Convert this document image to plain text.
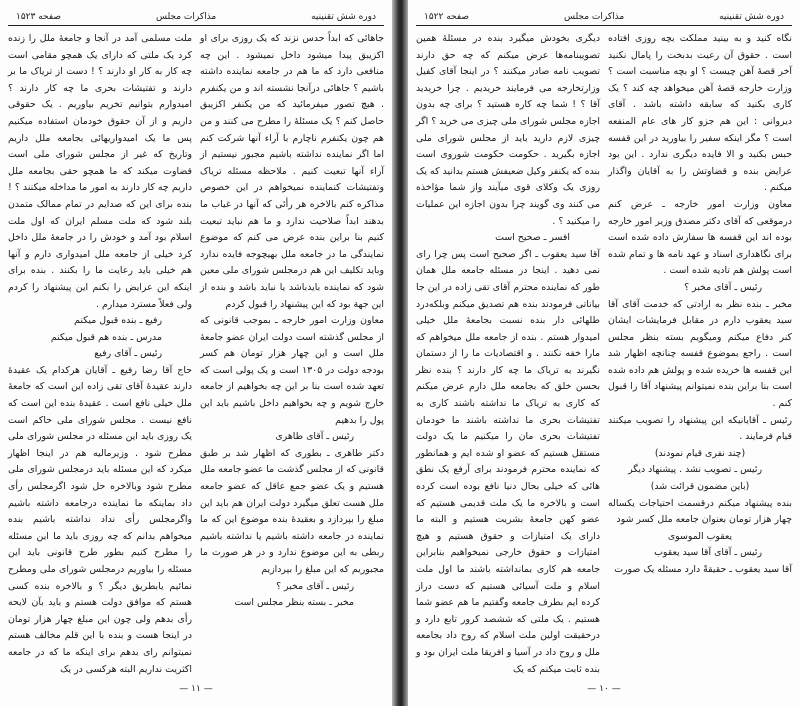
دوره‌ شش تقنینیه
مذاکرات مجلس
صفحه ۱۵۲۳

جاهائی که ابداً حدس نزند که یک روزی برای او اکزیبق پیدا میشود داخل نمیشود . این چه منافعی دارد که ما هم در جامعه نماینده داشته باشیم ؟ جاهائی درآنجا نشسته اند و من یکنفرم . هیچ تصور میفرمائید که من یکنفر اکزیبق حاصل کنم ؟ یک مسئلهٔ را مطرح می کنند و من هم چون یکنفرم ناچارم با آراء آنها شرکت کنم اما اگر نماینده نداشته باشیم مجبور نیستیم از آراء آنها تبعیت کنیم . ملاحظه مسئله تریاک وتفتیشات کنماینده نمیخواهم در این خصوص مذاکره کنم بالاخره هر رأئی که آنها در غیاب ما بدهند ابداً صلاحیت ندارد و ما هم نباید تبعیت کنیم بنا براین بنده عرض می کنم که موضوع نمایندگی ما در جامعه ملل بهیچوجه فایده ندارد وباید تکلیف این هم درمجلس شورای ملی معین شود که نماینده بایدباشد یا نباید باشد و بنده از این جهة بود که این پیشنهاد را قبول کردم

معاون وزارت امور خارجه ـ بموجب قانونی که از مجلس گذشته است دولت ایران عضو جامعهٔ ملل است و این چهار هزار تومان هم کسر بودجه دولت در ۱۳۰۵ است و یک پولی است که تعهد شده است بنا بر این چه بخواهیم از جامعه خارج شویم و چه بخواهیم داخل باشیم باید این پول را بدهیم

رئیس ـ آقای طاهری

دکتر طاهری ـ بطوری که اظهار شد بر طبق قانونی که از مجلس گذشت ما عضو جامعه ملل هستیم و یک عضو جمع عاقل که عضو جامعه ملل هست تعلق میگیرد دولت ایران هم باید این مبلغ را بپردازد و بعقیدهٔ بنده موضوع این که ما نماینده در جامعه داشته باشیم یا نداشته باشیم ربطی به این موضوع ندارد و در هر صورت ما مجبوریم که این مبلغ را بپردازیم

رئیس ـ آقای مخبر ؟

مخبر ـ بسته بنظر مجلس است

ملت مسلمی آمد در آنجا و جامعهٔ ملل را زنده کرد یک ملتی که دارای یک همچو مقامی است چه کار به کار او دارند ؟ ! دست از تریاک ما بر دارند و تفتیشات بحری ما چه کار دارند ؟ امیدوارم بتوانیم تخریم بیاوریم . یک حقوقی داریم و از آن حقوق خودمان استفاده میکنیم پس ما یک امیدواریهائی بجامعه ملل داریم وتاریخ که غیر از مجلس شورای ملی است قضاوت میکند که ما همچو حقی بجامعه ملل داریم چه کار دارند به امور ما مداخله میکنند ؟ ! بنده برای این که صدایم در تمام ممالک متمدن بلند شود که ملت مسلم ایران که اول ملت اسلام بود آمد و خودش را در جامعهٔ ملل داخل کرد خیلی از جامعه ملل امیدواری دارم و آنها هم خیلی باید رعایت ما را بکنند . بنده برای اینکه این عرایض را بکنم این پیشنهاد را کردم ولی فعلاً مسترد میدارم .

رفیع ـ بنده قبول میکنم

مدرس ـ بنده هم قبول میکنم

رئیس ـ آقای رفیع

حاج آقا رضا رفیع ـ آقایان هرکدام یک عقیدهٔ دارند عقیدهٔ آقای تقی زاده این است که جامعهٔ ملل خیلی نافع است . عقیدهٔ بنده این است که نافع نیست . مجلس شورای ملی حاکم است یک روزی باید این مسئله در مجلس شورای ملی مطرح شود . وزیرمالیه هم در اینجا اظهار میکرد که این مسئله باید درمجلس شورای ملی مطرح شود وبالاخره حل شود اگرمجلس رأی داد بماینکه ما نماینده درجامعه داشته باشیم واگرمجلس رأی نداد نداشته باشیم بنده میخواهم بدانم که چه روزی باید ما این مسئله را مطرح کنیم بطور طرح قانونی باید این مسئله را بیاوریم درمجلس شورای ملی ومطرح نمائیم یابطریق دیگر ؟ و بالاخره بنده کسی هستم که موافق دولت هستم و باید بآن لایحه رأی بدهم ولی چون این مبلغ چهار هزار تومان در اینجا هست و بنده با این قلم مخالف هستم نمیتوانم رای بدهم برای اینکه ما که در جامعه اکثریت نداریم البته هرکسی در یک

— ۱۱ —
دوره‌ شش تقنینیه
مذاکرات مجلس
صفحه ۱۵۲۲

نگاه کنید و به بینید مملکت بچه روزی افتاده است . حقوق آن رعیت بدبخت را پامال نکنید آخر قصهٔ آهن چیست ؟ او بچه مناسبت است ؟ وزارت خارجه قصهٔ آهن میخواهد چه کند ؟ یک کاری بکنید که سابقه داشته باشد . آقای دیروانی : این هم جزو کار های عام المنفعه است ؟ مگر اینکه سفیر را بیاورید در این قفسه حبس بکنید و الا فایده دیگری ندارد . این بود عرایض بنده و قضاوتش را به آقایان واگذار میکنم .

معاون وزارت امور خارجه ـ عرض کنم درموقعی که آقای دکتر مصدق وزیر امور خارجه بوده اند این قفسه ها سفارش داده شده است برای نگاهداری اسناد و عهد نامه ها و تمام شده است پولش هم تادیه شده است .

رئیس ـ آقای مخبر ؟

مخبر ـ بنده نظر به ارادتی که خدمت آقای آقا سید یعقوب دارم در مقابل فرمایشات ایشان کنر دفاع میکنم ومیگویم بسته بنظر مجلس است . راجع بموضوع قفسه چنانچه اظهار شد این قفسه ها خریده شده و پولش هم داده شده است بنا براین بنده نمیتوانم پیشنهاد آقا را قبول کنم .

رئیس ـ آقایانیکه این پیشنهاد را تصویب میکنند قیام فرمایند .

(چند نفری قیام نمودند)

رئیس ـ تصویب نشد . پیشنهاد دیگر

(باین مضمون قرائت شد)

بنده پیشنهاد میکنم درقسمت احتیاجات یکساله چهار هزار تومان بعنوان جامعه ملل کسر شود

یعقوب الموسوی

رئیس ـ آقای آقا سید یعقوب

آقا سید یعقوب ـ حقیقةً دارد مسئله یک صورت

دیگری بخودش میگیرد بنده در مسئلهٔ همین تصویبنامه‌ها عرض میکنم که چه حق دارند تصویب نامه صادر میکنند ؟ در اینجا آقای کفیل وزارتخارجه می فرمایند خریدیم . چرا خریدید آقا ؟ ! شما چه کاره هستید ؟ برای چه بدون اجازه مجلس شورای ملی چیزی می خرید ؟ اگر چیزی لازم دارید باید از مجلس شورای ملی اجازه بگیرید . حکومت حکومت شوروی است بنده که یکنفر وکیل ضعیفش هستم بدانید که یک روزی یک وکلای قوی میآیند واز شما مؤاخذه می کنند وی گویند چرا بدون اجازه این عملیات را میکنید ؟ .

افسر ـ صحیح است

آقا سید یعقوب ـ اگر صحیح است پس چرا رای نمی دهید . اینجا در مسئله جامعه ملل همان طور که نماینده محترم آقای تقی زاده در این جا بیاناتی فرمودند بنده هم تصدیق میکنم وبلکه‌درد طلهائی دار بنده نسبت بجامعهٔ ملل خیلی امیدوار هستم . بنده از جامعه ملل میخواهم که مارا خفه نکنند . و اقتصادیات ما را از دستمان نگیرند به تریاک ما چه کار دارند ؟ بنده نظر بحسن خلق که بجامعه ملل دارم عرض میکنم که کاری به تریاک ما نداشته باشند کاری به تفتیشات بحری ما نداشته باشند ما خودمان تفتیشات بحری مان را میکنیم ما یک دولت مستقل هستیم که عضو او شده ایم و همانطور که نماینده محترم فرمودند برای آرفع یک نطق هائی که خیلی بحال دنیا نافع بوده است کرده است و بالاخره ما یک ملت قدیمی هستیم که عضو کهن جامعهٔ بشریت هستیم و البته ما دارای یک امتیازات و حقوق هستیم و هیچ امتیازات و حقوق خارجی نمیخواهیم بنابراین جامعه هم کاری بمانداشته باشند ما اول ملت اسلام و ملت آسیائی هستیم که دست دراز کرده ایم بطرف جامعه وگفتیم ما هم عضو شما هستیم . یک ملتی که ششصد کرور تابع دارد و درحقیقت اولین ملت اسلام که روح داد بجامعه ملل و روح داد در آسیا و افریقا ملت ایران بود و بنده ثابت میکنم که یک

— ۱۰ —
